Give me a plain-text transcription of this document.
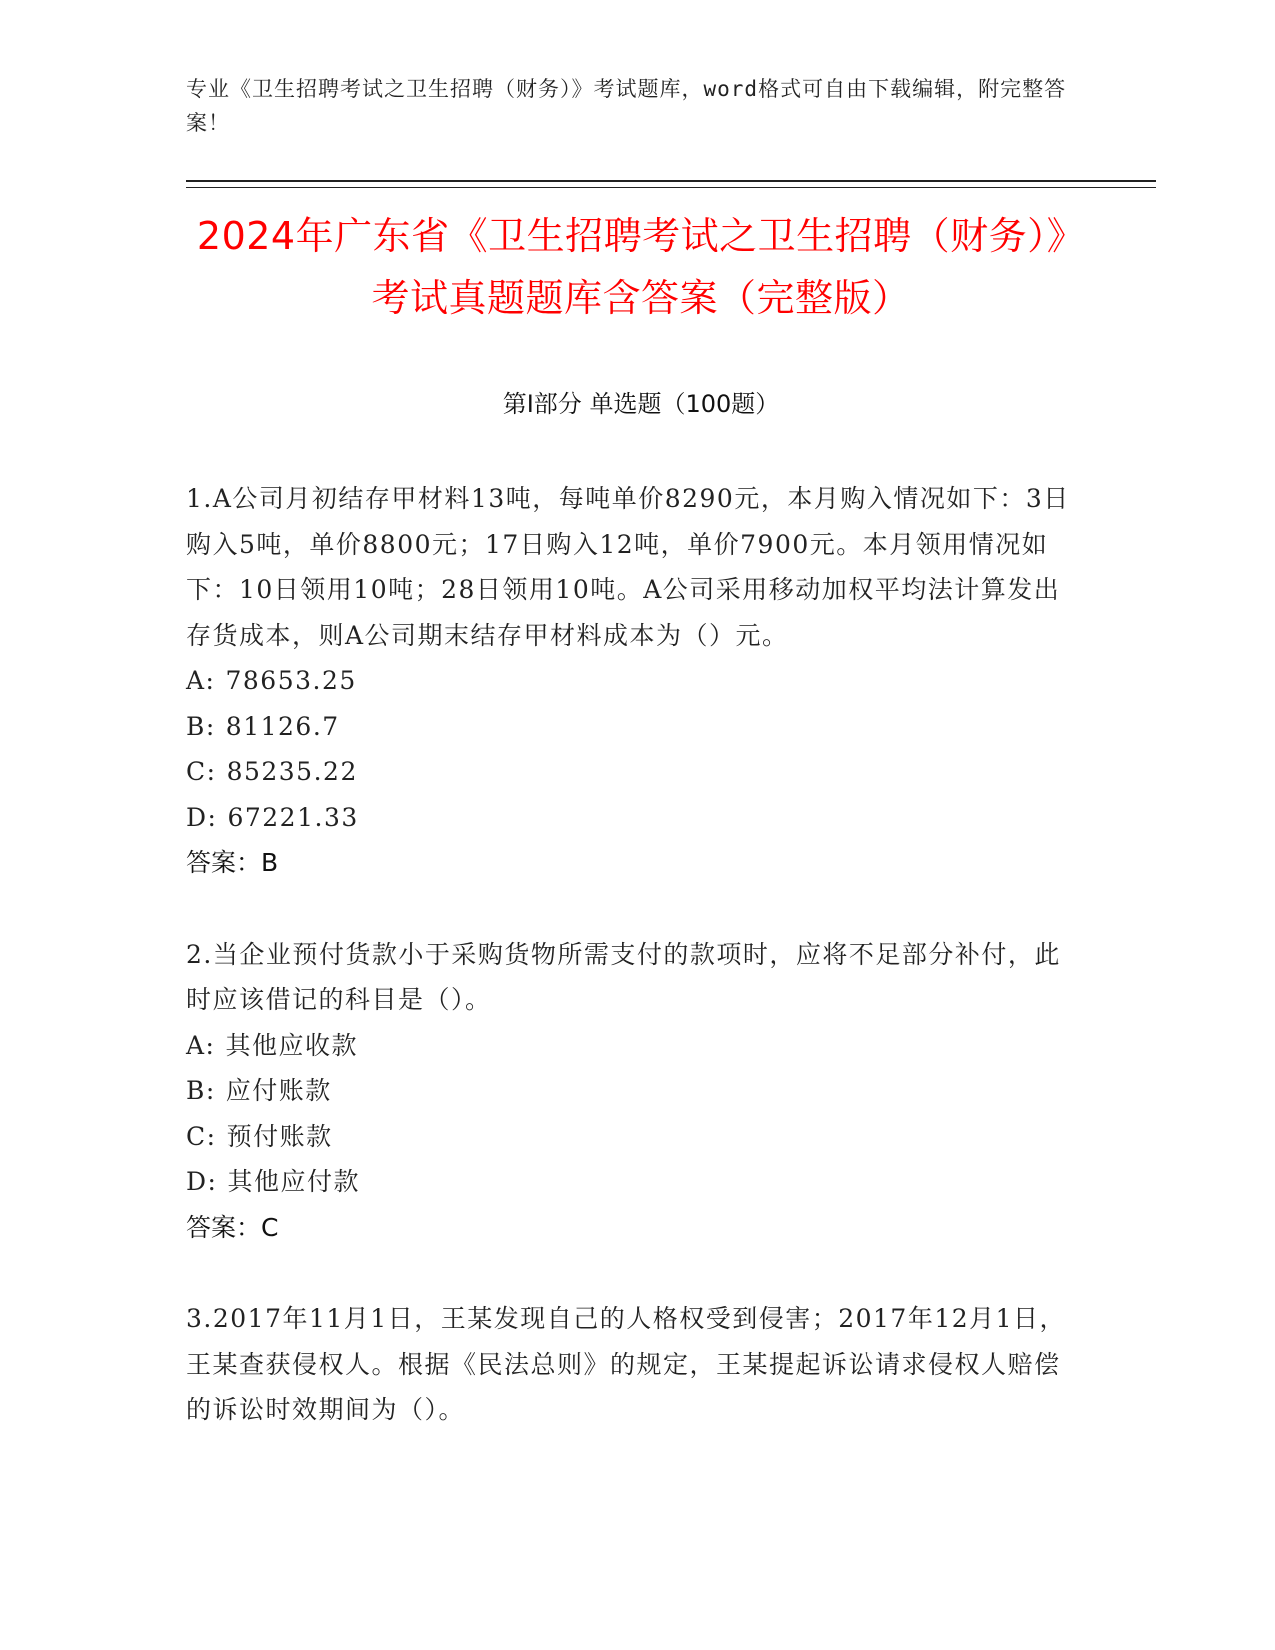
专业《卫生招聘考试之卫生招聘（财务）》考试题库，word格式可自由下载编辑，附完整答案！
2024年广东省《卫生招聘考试之卫生招聘（财务）》考试真题题库含答案（完整版）
第Ⅰ部分 单选题（100题）
1.A公司月初结存甲材料13吨，每吨单价8290元，本月购入情况如下：3日购入5吨，单价8800元；17日购入12吨，单价7900元。本月领用情况如下：10日领用10吨；28日领用10吨。A公司采用移动加权平均法计算发出存货成本，则A公司期末结存甲材料成本为（）元。
A: 78653.25
B: 81126.7
C: 85235.22
D: 67221.33
答案：B
2.当企业预付货款小于采购货物所需支付的款项时，应将不足部分补付，此时应该借记的科目是（）。
A: 其他应收款
B: 应付账款
C: 预付账款
D: 其他应付款
答案：C
3.2017年11月1日，王某发现自己的人格权受到侵害；2017年12月1日，王某查获侵权人。根据《民法总则》的规定，王某提起诉讼请求侵权人赔偿的诉讼时效期间为（）。
